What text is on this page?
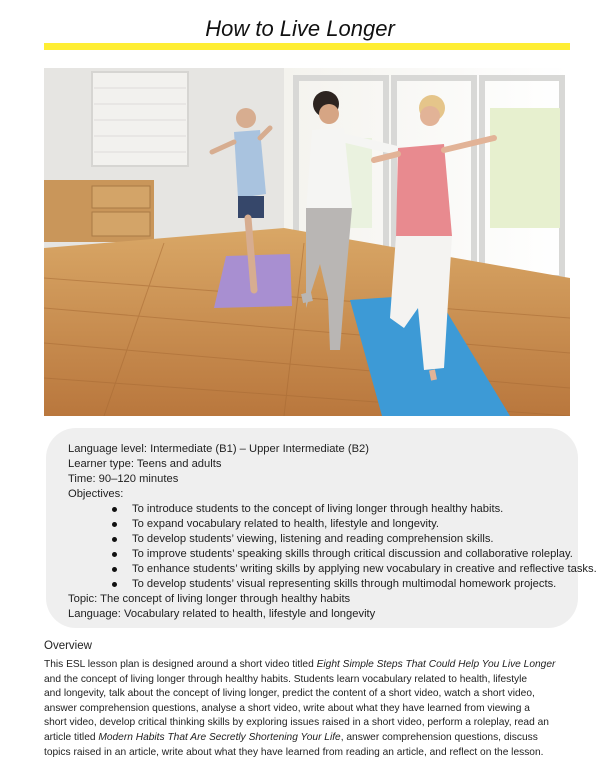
How to Live Longer
Language level: Intermediate (B1) – Upper Intermediate (B2)
Learner type: Teens and adults
Time: 90–120 minutes
Objectives:
To introduce students to the concept of living longer through healthy habits.
To expand vocabulary related to health, lifestyle and longevity.
To develop students’ viewing, listening and reading comprehension skills.
To improve students’ speaking skills through critical discussion and collaborative roleplay.
To enhance students’ writing skills by applying new vocabulary in creative and reflective tasks.
To develop students’ visual representing skills through multimodal homework projects.
Topic: The concept of living longer through healthy habits
Language: Vocabulary related to health, lifestyle and longevity
Overview
This ESL lesson plan is designed around a short video titled Eight Simple Steps That Could Help You Live Longer
and the concept of living longer through healthy habits. Students learn vocabulary related to health, lifestyle
and longevity, talk about the concept of living longer, predict the content of a short video, watch a short video,
answer comprehension questions, analyse a short video, write about what they have learned from viewing a
short video, develop critical thinking skills by exploring issues raised in a short video, perform a roleplay, read an
article titled Modern Habits That Are Secretly Shortening Your Life, answer comprehension questions, discuss
topics raised in an article, write about what they have learned from reading an article, and reflect on the lesson.
